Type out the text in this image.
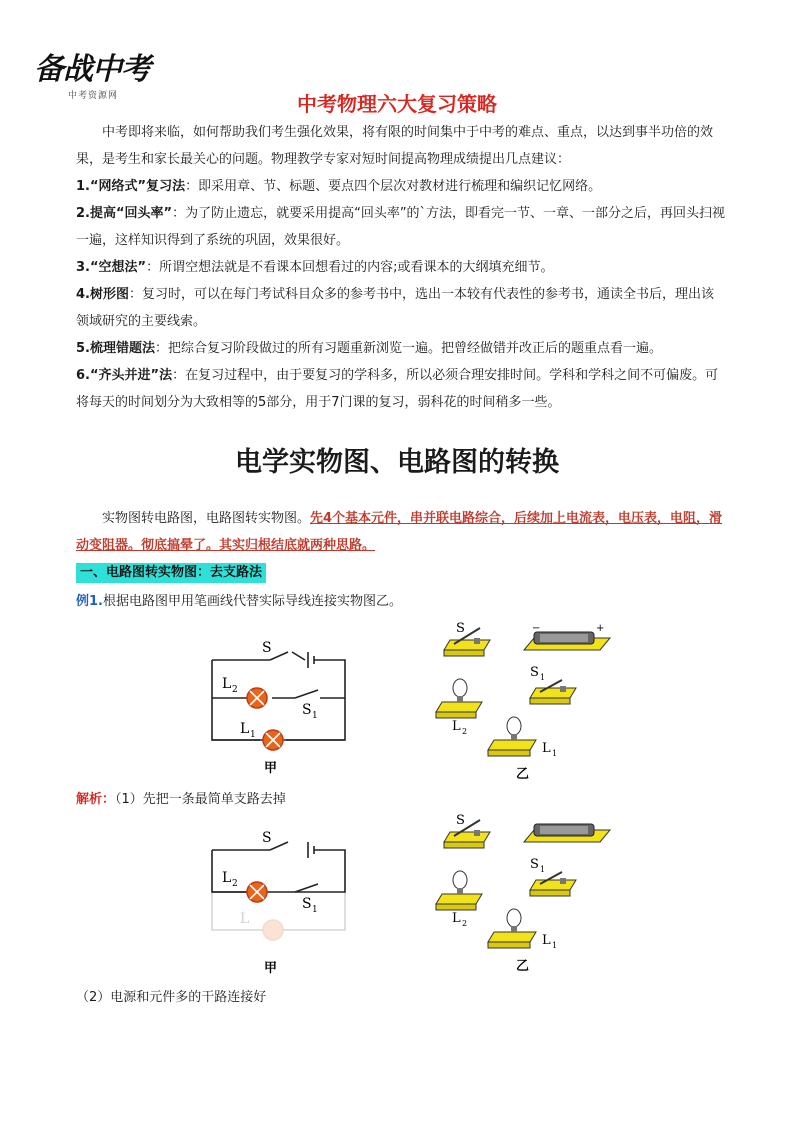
备战中考
中考资源网	中考物理六大复习策略
中考即将来临，如何帮助我们考生强化效果，将有限的时间集中于中考的难点、重点，以达到事半功倍的效果，是考生和家长最关心的问题。物理教学专家对短时间提高物理成绩提出几点建议：
1.“网络式”复习法：即采用章、节、标题、要点四个层次对教材进行梳理和编织记忆网络。
2.提高“回头率”：为了防止遗忘，就要采用提高“回头率”的`方法，即看完一节、一章、一部分之后，再回头扫视一遍，这样知识得到了系统的巩固，效果很好。
3.“空想法”：所谓空想法就是不看课本回想看过的内容;或看课本的大纲填充细节。
4.树形图：复习时，可以在每门考试科目众多的参考书中，选出一本较有代表性的参考书，通读全书后，理出该领域研究的主要线索。
5.梳理错题法：把综合复习阶段做过的所有习题重新浏览一遍。把曾经做错并改正后的题重点看一遍。
6.“齐头并进”法：在复习过程中，由于要复习的学科多，所以必须合理安排时间。学科和学科之间不可偏废。可将每天的时间划分为大致相等的5部分，用于7门课的复习，弱科花的时间稍多一些。
电学实物图、电路图的转换
实物图转电路图，电路图转实物图。先4个基本元件，串并联电路综合，后续加上电流表，电压表，电阻，滑动变阻器。彻底搞晕了。其实归根结底就两种思路。
一、电路图转实物图：去支路法
例1.根据电路图甲用笔画线代替实际导线连接实物图乙。
S
L 2
S 1
L 1
甲
S	−	+
S 1
L 2
L 1
乙
解析：（1）先把一条最简单支路去掉
L
S
L 2
S 1
甲
S
S 1
L 2
L 1
乙
（2）电源和元件多的干路连接好
